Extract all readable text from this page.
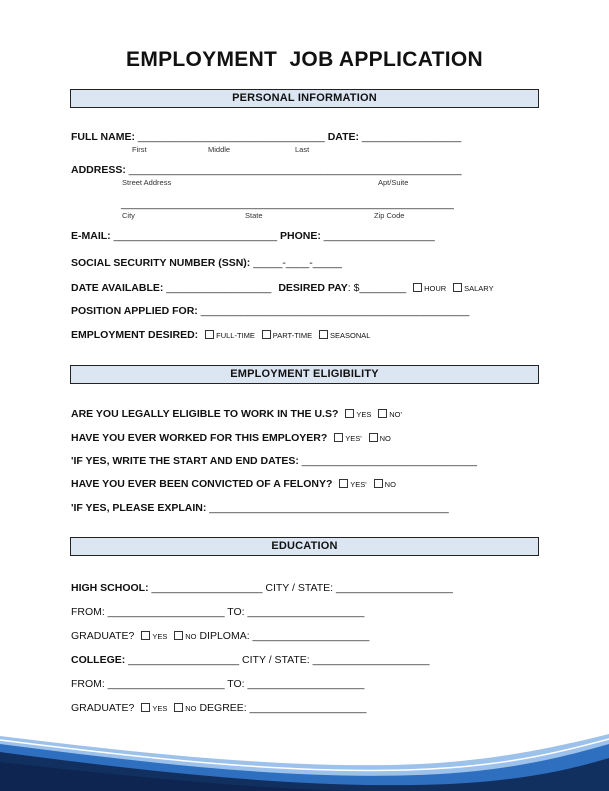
EMPLOYMENT  JOB APPLICATION
PERSONAL INFORMATION
FULL NAME: ________________________________ DATE: _________________
First	Middle	Last
ADDRESS: _________________________________________________________
Street Address	Apt/Suite
_________________________________________________________
City	State	Zip Code
E-MAIL: ____________________________ PHONE: ___________________
SOCIAL SECURITY NUMBER (SSN): _____-____-_____
DATE AVAILABLE: __________________ DESIRED PAY: $________ HOUR SALARY
POSITION APPLIED FOR: ______________________________________________
EMPLOYMENT DESIRED: FULL-TIME PART-TIME SEASONAL
EMPLOYMENT ELIGIBILITY
ARE YOU LEGALLY ELIGIBLE TO WORK IN THE U.S? YES NO'
HAVE YOU EVER WORKED FOR THIS EMPLOYER? YES' NO
'IF YES, WRITE THE START AND END DATES: ______________________________
HAVE YOU EVER BEEN CONVICTED OF A FELONY? YES' NO
'IF YES, PLEASE EXPLAIN: _________________________________________
EDUCATION
HIGH SCHOOL: ___________________ CITY / STATE: ____________________
FROM: ____________________ TO: ____________________
GRADUATE? YES NO DIPLOMA: ____________________
COLLEGE: ___________________ CITY / STATE: ____________________
FROM: ____________________ TO: ____________________
GRADUATE? YES NO DEGREE: ____________________
